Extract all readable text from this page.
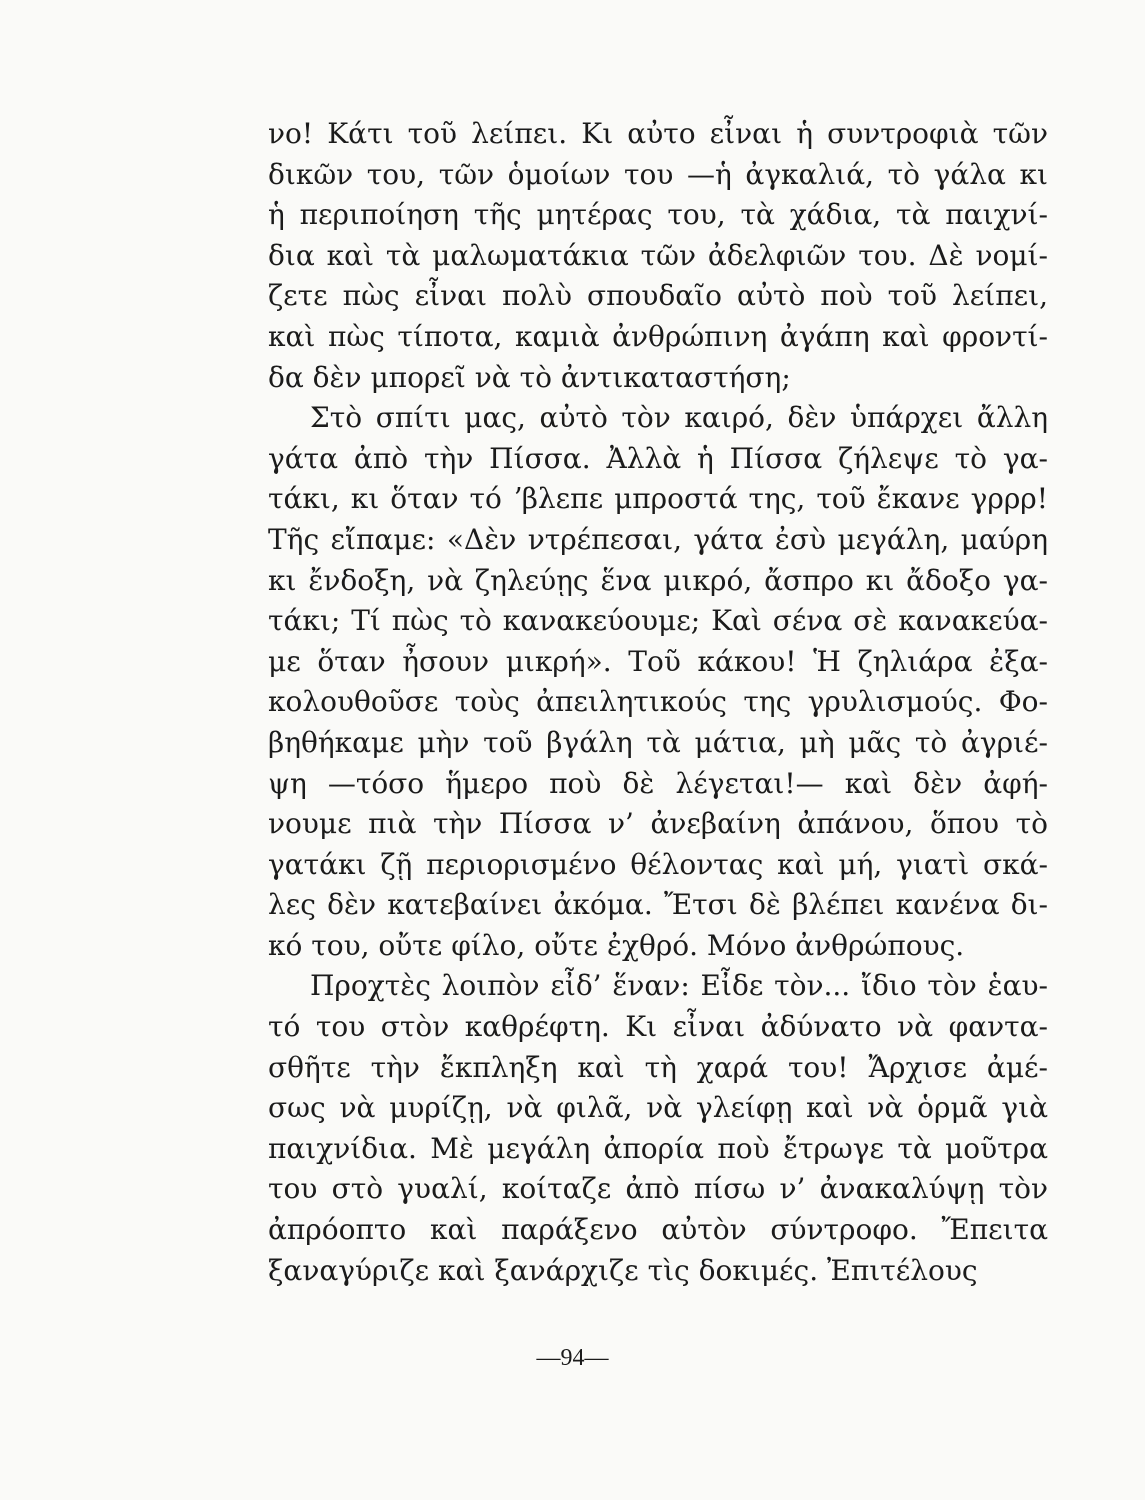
νο! Κάτι τοῦ λείπει. Κι αὐτο εἶναι ἡ συντροφιὰ τῶν
δικῶν του, τῶν ὁμοίων του —ἡ ἀγκαλιά, τὸ γάλα κι
ἡ περιποίηση τῆς μητέρας του, τὰ χάδια, τὰ παιχνί-
δια καὶ τὰ μαλωματάκια τῶν ἀδελφιῶν του. Δὲ νομί-
ζετε πὼς εἶναι πολὺ σπουδαῖο αὐτὸ ποὺ τοῦ λείπει,
καὶ πὼς τίποτα, καμιὰ ἀνθρώπινη ἀγάπη καὶ φροντί-
δα δὲν μπορεῖ νὰ τὸ ἀντικαταστήση;

Στὸ σπίτι μας, αὐτὸ τὸν καιρό, δὲν ὑπάρχει ἄλλη
γάτα ἀπὸ τὴν Πίσσα. Ἀλλὰ ἡ Πίσσα ζήλεψε τὸ γα-
τάκι, κι ὅταν τό ʼβλεπε μπροστά της, τοῦ ἔκανε γρρρ!
Τῆς εἴπαμε: «Δὲν ντρέπεσαι, γάτα ἐσὺ μεγάλη, μαύρη
κι ἔνδοξη, νὰ ζηλεύῃς ἕνα μικρό, ἄσπρο κι ἄδοξο γα-
τάκι; Τί πὼς τὸ κανακεύουμε; Καὶ σένα σὲ κανακεύα-
με ὅταν ἦσουν μικρή». Τοῦ κάκου! Ἡ ζηλιάρα ἐξα-
κολουθοῦσε τοὺς ἀπειλητικούς της γρυλισμούς. Φο-
βηθήκαμε μὴν τοῦ βγάλη τὰ μάτια, μὴ μᾶς τὸ ἀγριέ-
ψη —τόσο ἥμερο ποὺ δὲ λέγεται!— καὶ δὲν ἀφή-
νουμε πιὰ τὴν Πίσσα ν’ ἀνεβαίνη ἀπάνου, ὅπου τὸ
γατάκι ζῇ περιορισμένο θέλοντας καὶ μή, γιατὶ σκά-
λες δὲν κατεβαίνει ἀκόμα. Ἔτσι δὲ βλέπει κανένα δι-
κό του, οὔτε φίλο, οὔτε ἐχθρό. Μόνο ἀνθρώπους.

Προχτὲς λοιπὸν εἶδ’ ἕναν: Εἶδε τὸν... ἴδιο τὸν ἑαυ-
τό του στὸν καθρέφτη. Κι εἶναι ἀδύνατο νὰ φαντα-
σθῆτε τὴν ἔκπληξη καὶ τὴ χαρά του! Ἄρχισε ἀμέ-
σως νὰ μυρίζῃ, νὰ φιλᾶ, νὰ γλείφῃ καὶ νὰ ὁρμᾶ γιὰ
παιχνίδια. Μὲ μεγάλη ἀπορία ποὺ ἔτρωγε τὰ μοῦτρα
του στὸ γυαλί, κοίταζε ἀπὸ πίσω ν’ ἀνακαλύψῃ τὸν
ἀπρόοπτο καὶ παράξενο αὐτὸν σύντροφο. Ἔπειτα
ξαναγύριζε καὶ ξανάρχιζε τὶς δοκιμές. Ἐπιτέλους

—94—
